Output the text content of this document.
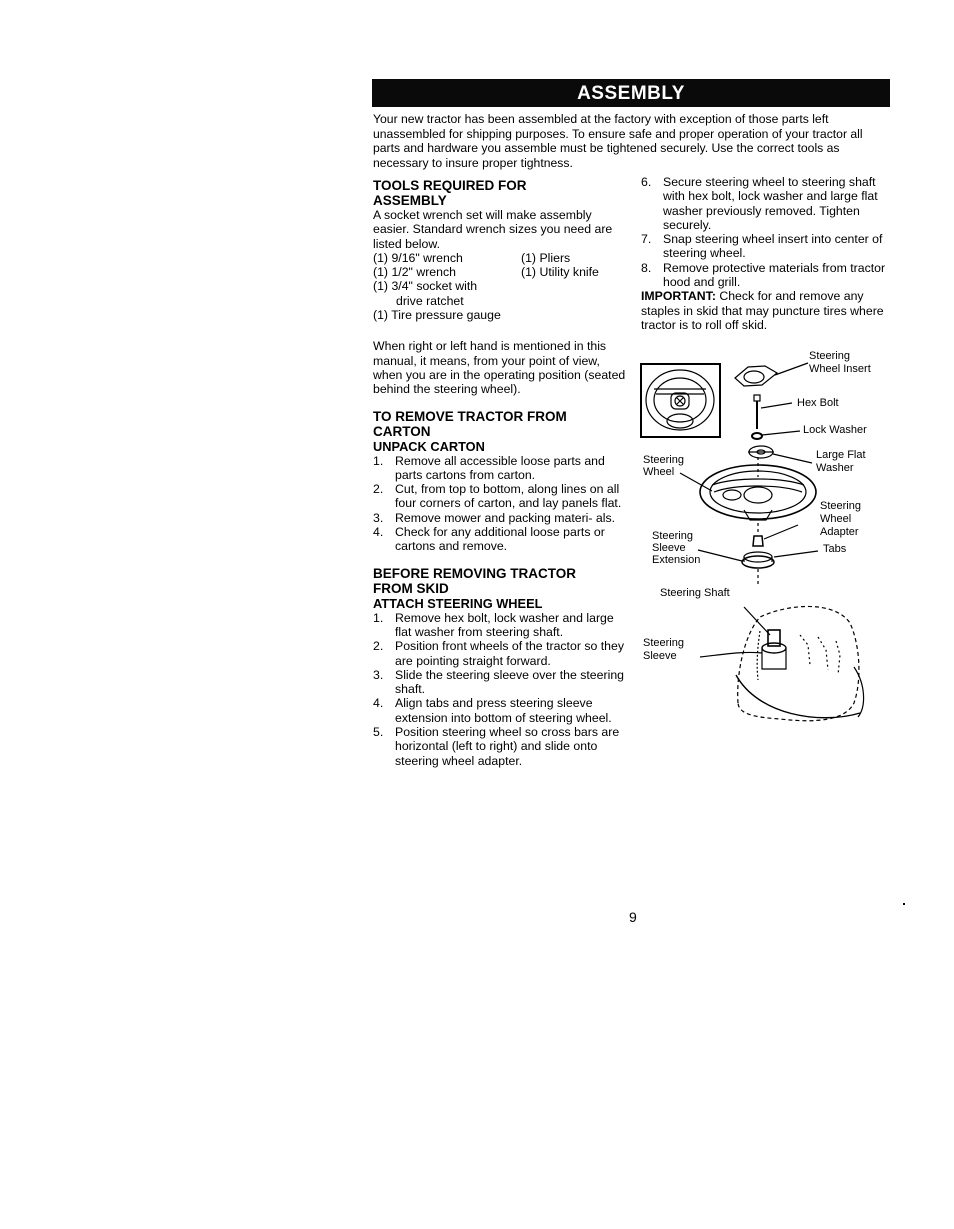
ASSEMBLY

Your new tractor has been assembled at the factory with exception of those parts left unassembled for shipping purposes. To ensure safe and proper operation of your tractor all parts and hardware you assemble must be tightened securely. Use the correct tools as necessary to insure proper tightness.

TOOLS REQUIRED FOR
ASSEMBLY

A socket wrench set will make assembly easier. Standard wrench sizes you need are listed below.

(1) 9/16" wrench	(1) Pliers
(1) 1/2" wrench	(1) Utility knife
(1) 3/4" socket with
drive ratchet
(1) Tire pressure gauge

When right or left hand is mentioned in this manual, it means, from your point of view, when you are in the operating position (seated behind the steering wheel).

TO REMOVE TRACTOR FROM
CARTON
UNPACK CARTON
1. Remove all accessible loose parts and parts cartons from carton.
2. Cut, from top to bottom, along lines on all four corners of carton, and lay panels flat.
3. Remove mower and packing materi- als.
4. Check for any additional loose parts or cartons and remove.
BEFORE REMOVING TRACTOR
FROM SKID
ATTACH STEERING WHEEL
1. Remove hex bolt, lock washer and large flat washer from steering shaft.
2. Position front wheels of the tractor so they are pointing straight forward.
3. Slide the steering sleeve over the steering shaft.
4. Align tabs and press steering sleeve extension into bottom of steering wheel.
5. Position steering wheel so cross bars are horizontal (left to right) and slide onto steering wheel adapter.
6. Secure steering wheel to steering shaft with hex bolt, lock washer and large flat washer previously removed. Tighten securely.
7. Snap steering wheel insert into center of steering wheel.
8. Remove protective materials from tractor hood and grill.

IMPORTANT: Check for and remove any staples in skid that may puncture tires where tractor is to roll off skid.

Steering
Wheel Insert
Hex Bolt
Lock Washer
Large Flat
Washer
Steering
Wheel
Steering
Wheel
Adapter
Steering
Sleeve
Extension
Tabs
Steering Shaft
Steering
Sleeve
9
